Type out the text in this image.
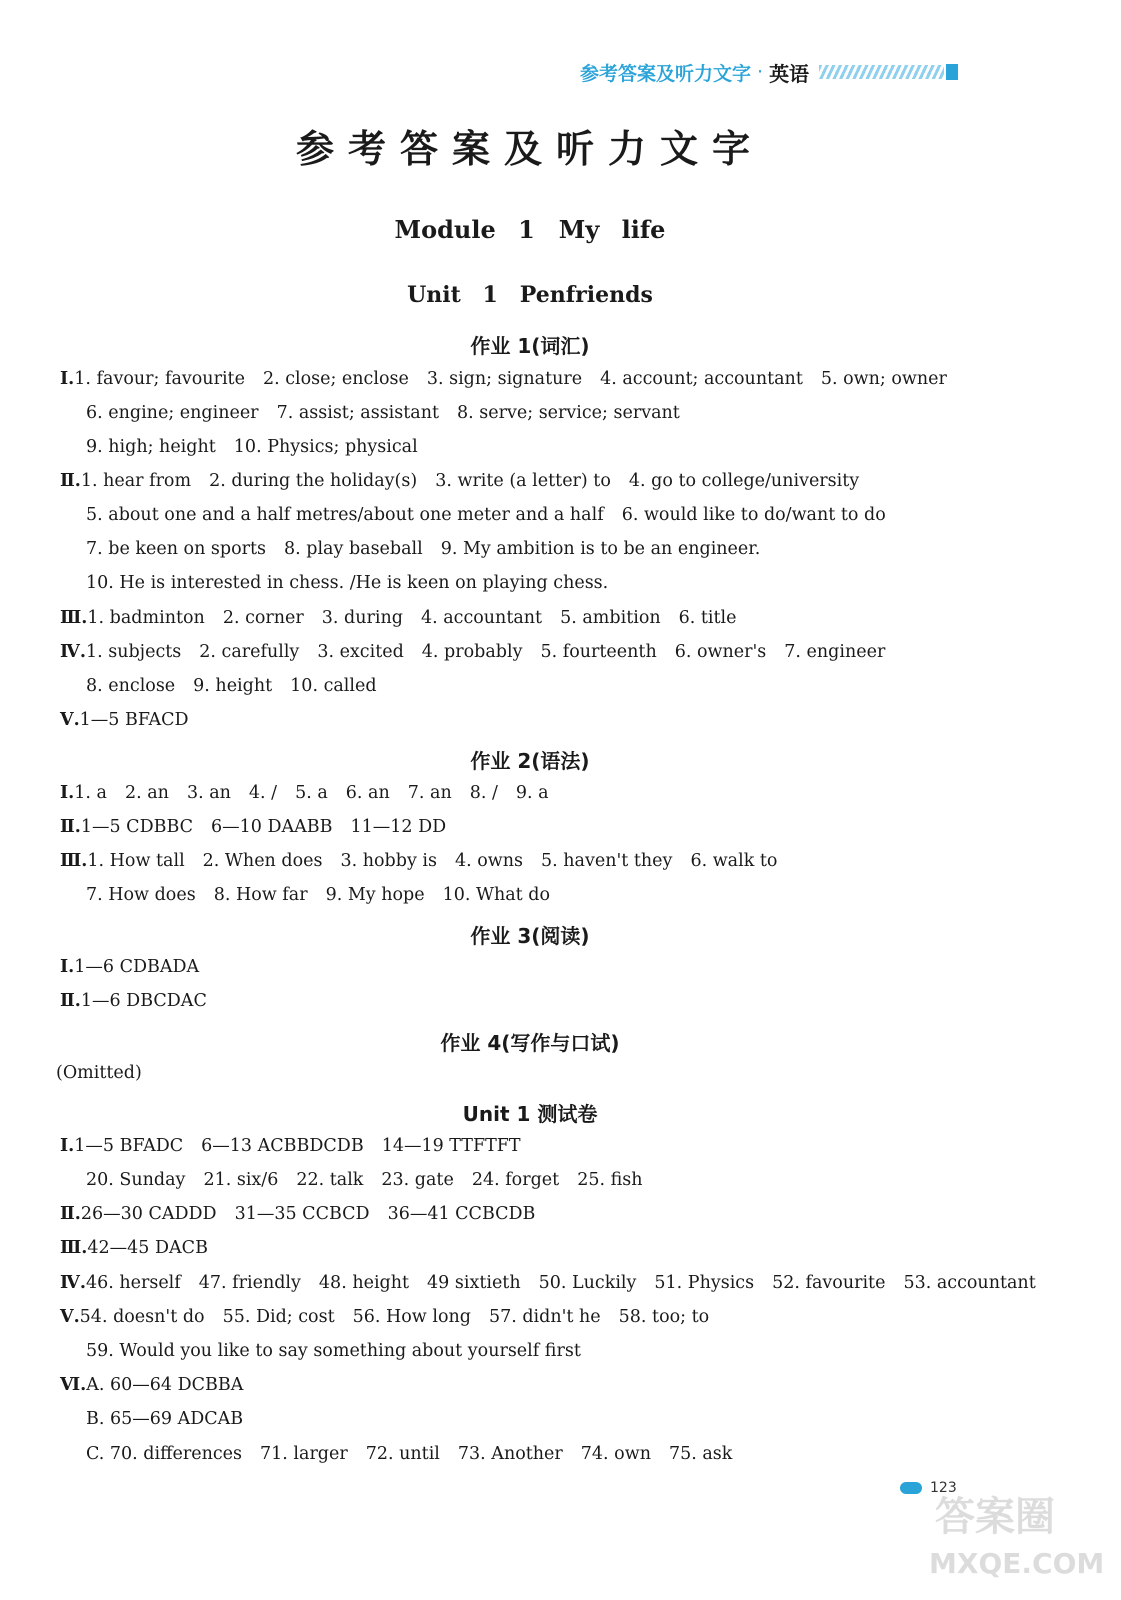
参考答案及听力文字 · 英语
参考答案及听力文字
Module 1　My life
Unit 1　Penfriends
作业 1(词汇)
Ⅰ.1. favour; favourite 2. close; enclose 3. sign; signature 4. account; accountant 5. own; owner
6. engine; engineer 7. assist; assistant 8. serve; service; servant
9. high; height 10. Physics; physical
Ⅱ.1. hear from 2. during the holiday(s) 3. write (a letter) to 4. go to college/university
5. about one and a half metres/about one meter and a half 6. would like to do/want to do
7. be keen on sports 8. play baseball 9. My ambition is to be an engineer.
10. He is interested in chess. /He is keen on playing chess.
Ⅲ.1. badminton 2. corner 3. during 4. accountant 5. ambition 6. title
Ⅳ.1. subjects 2. carefully 3. excited 4. probably 5. fourteenth 6. owner's 7. engineer
8. enclose 9. height 10. called
Ⅴ.1—5 BFACD
作业 2(语法)
Ⅰ.1. a 2. an 3. an 4. / 5. a 6. an 7. an 8. / 9. a
Ⅱ.1—5 CDBBC 6—10 DAABB 11—12 DD
Ⅲ.1. How tall 2. When does 3. hobby is 4. owns 5. haven't they 6. walk to
7. How does 8. How far 9. My hope 10. What do
作业 3(阅读)
Ⅰ.1—6 CDBADA
Ⅱ.1—6 DBCDAC
作业 4(写作与口试)
(Omitted)
Unit 1 测试卷
Ⅰ.1—5 BFADC 6—13 ACBBDCDB 14—19 TTFTFT
20. Sunday 21. six/6 22. talk 23. gate 24. forget 25. fish
Ⅱ.26—30 CADDD 31—35 CCBCD 36—41 CCBCDB
Ⅲ.42—45 DACB
Ⅳ.46. herself 47. friendly 48. height 49 sixtieth 50. Luckily 51. Physics 52. favourite 53. accountant
Ⅴ.54. doesn't do 55. Did; cost 56. How long 57. didn't he 58. too; to
59. Would you like to say something about yourself first
Ⅵ.A. 60—64 DCBBA
B. 65—69 ADCAB
C. 70. differences 71. larger 72. until 73. Another 74. own 75. ask
123
答案圈
MXQE.COM
